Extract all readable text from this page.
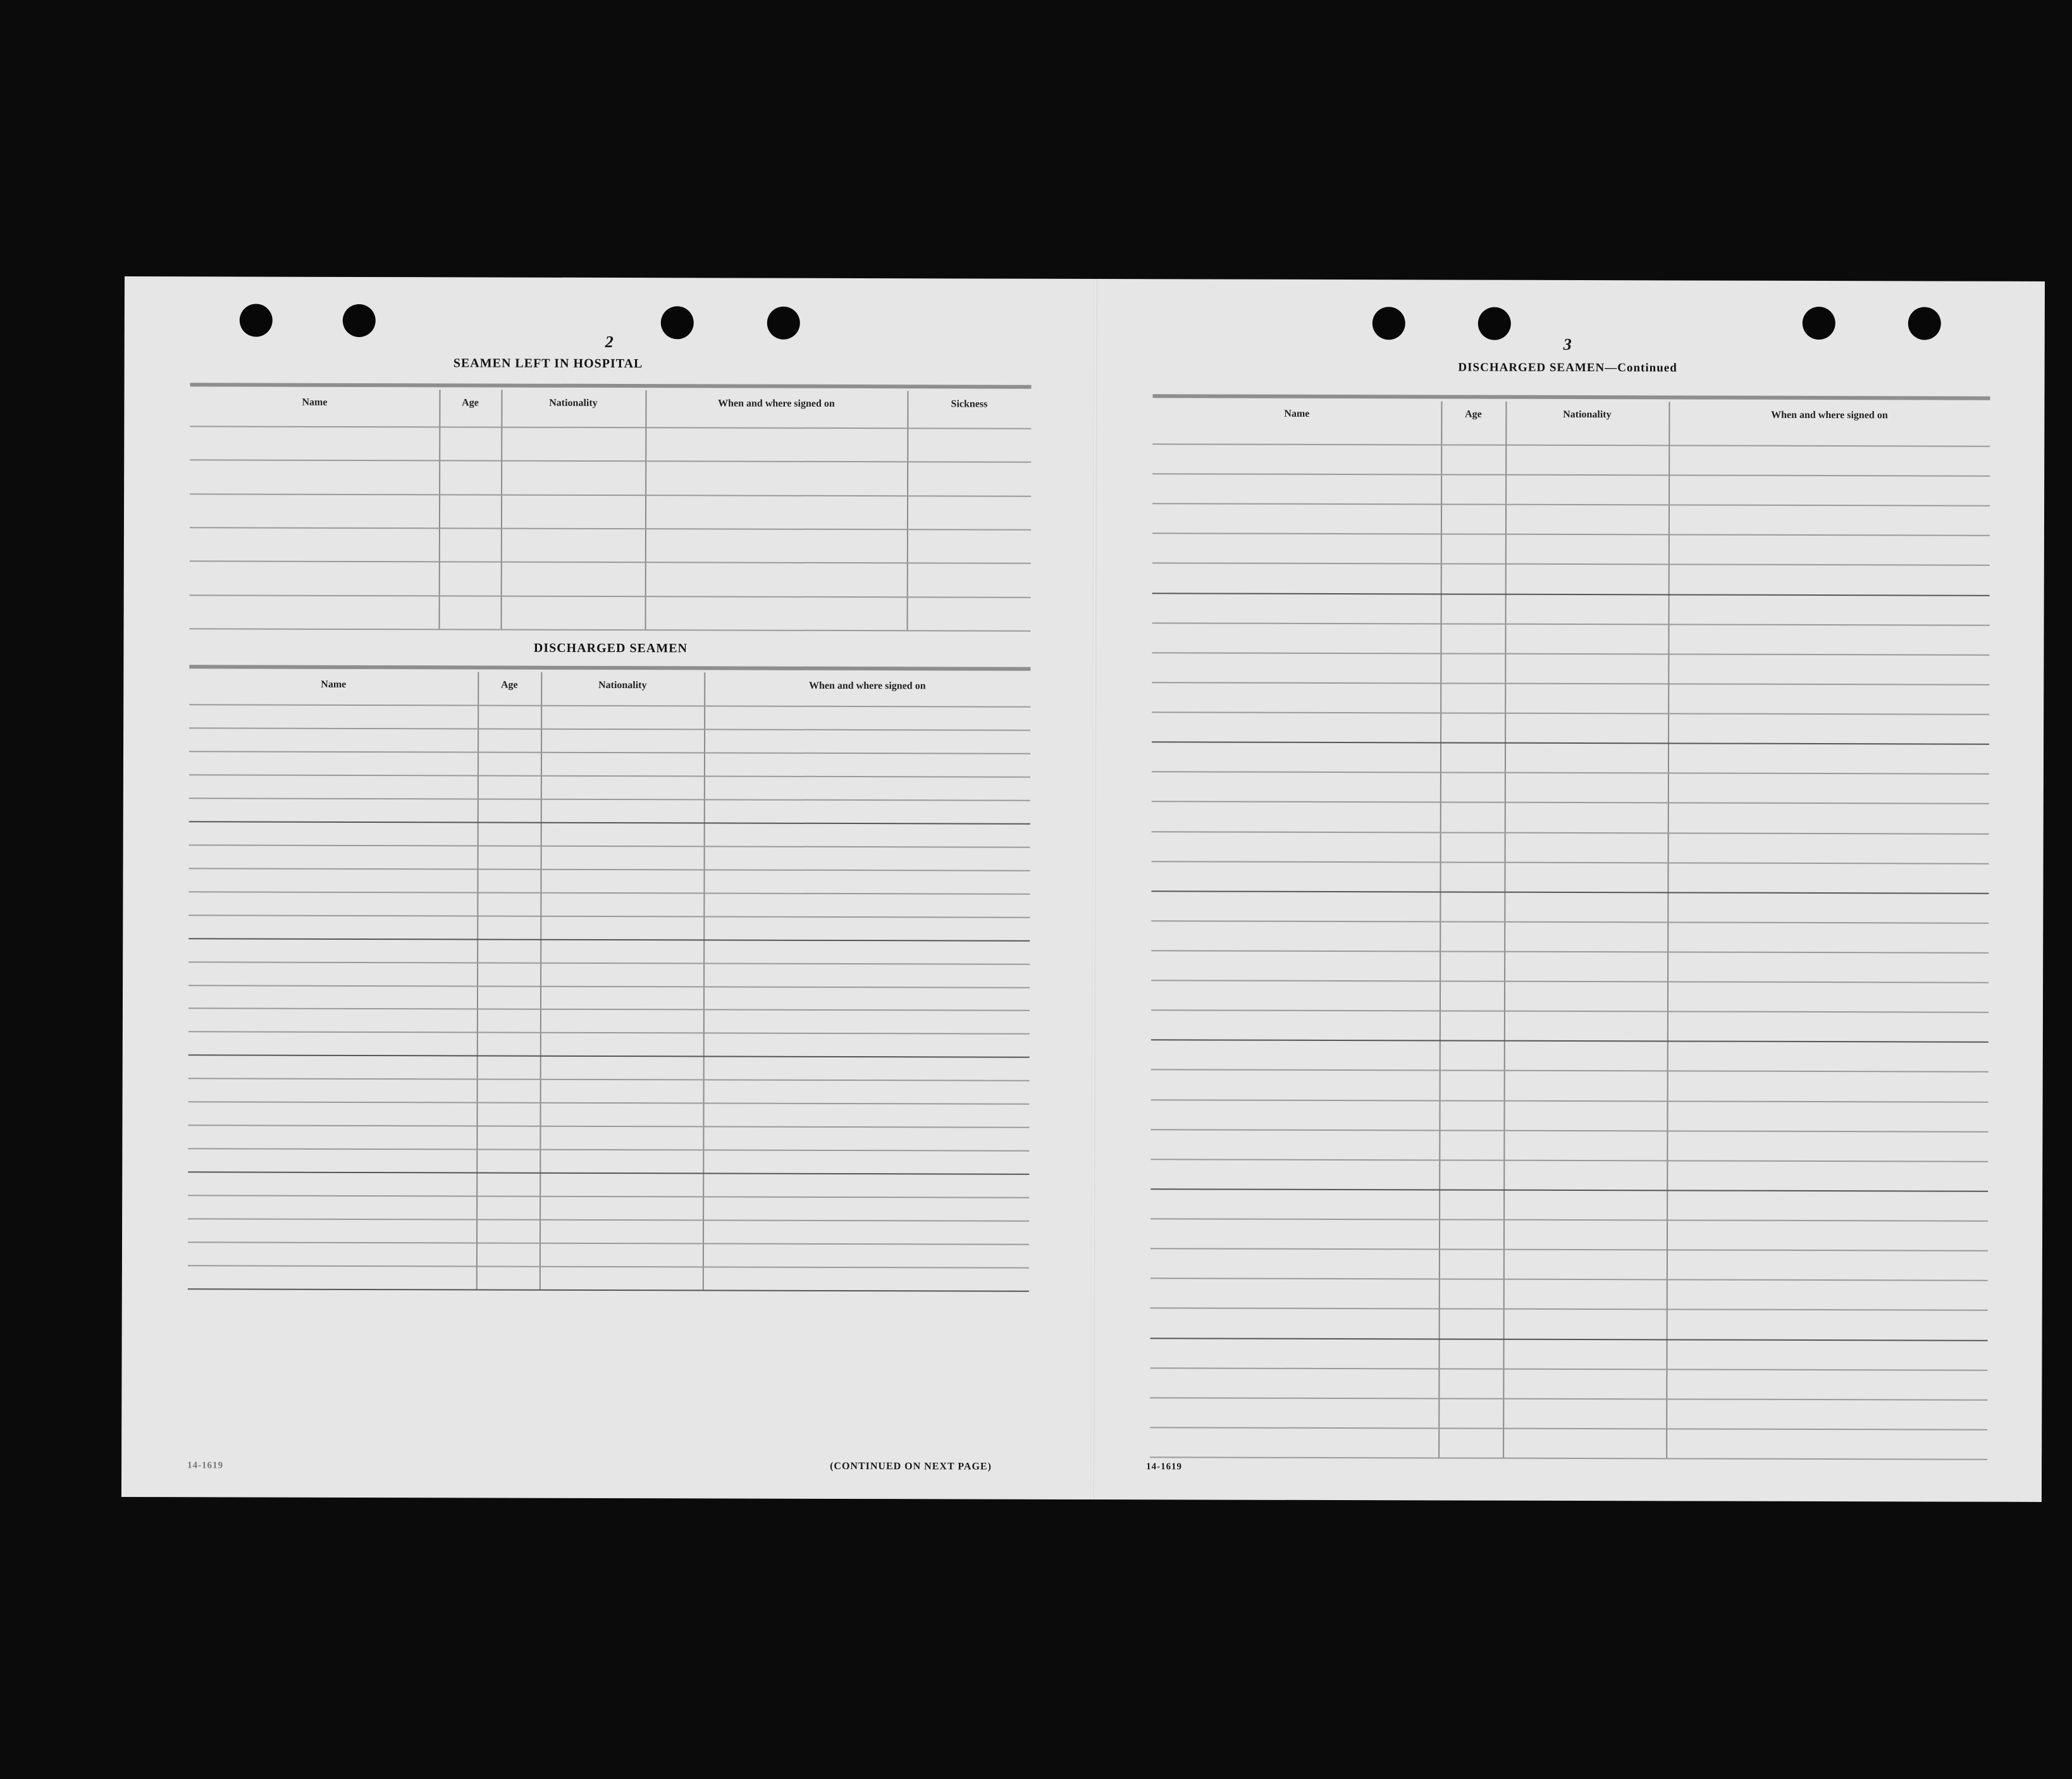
2
SEAMEN LEFT IN HOSPITAL
Name	Age	Nationality	When and where signed on	Sickness
DISCHARGED SEAMEN
Name	Age	Nationality	When and where signed on
14-1619	(CONTINUED ON NEXT PAGE)
3
DISCHARGED SEAMEN—Continued
Name	Age	Nationality	When and where signed on
14-1619
